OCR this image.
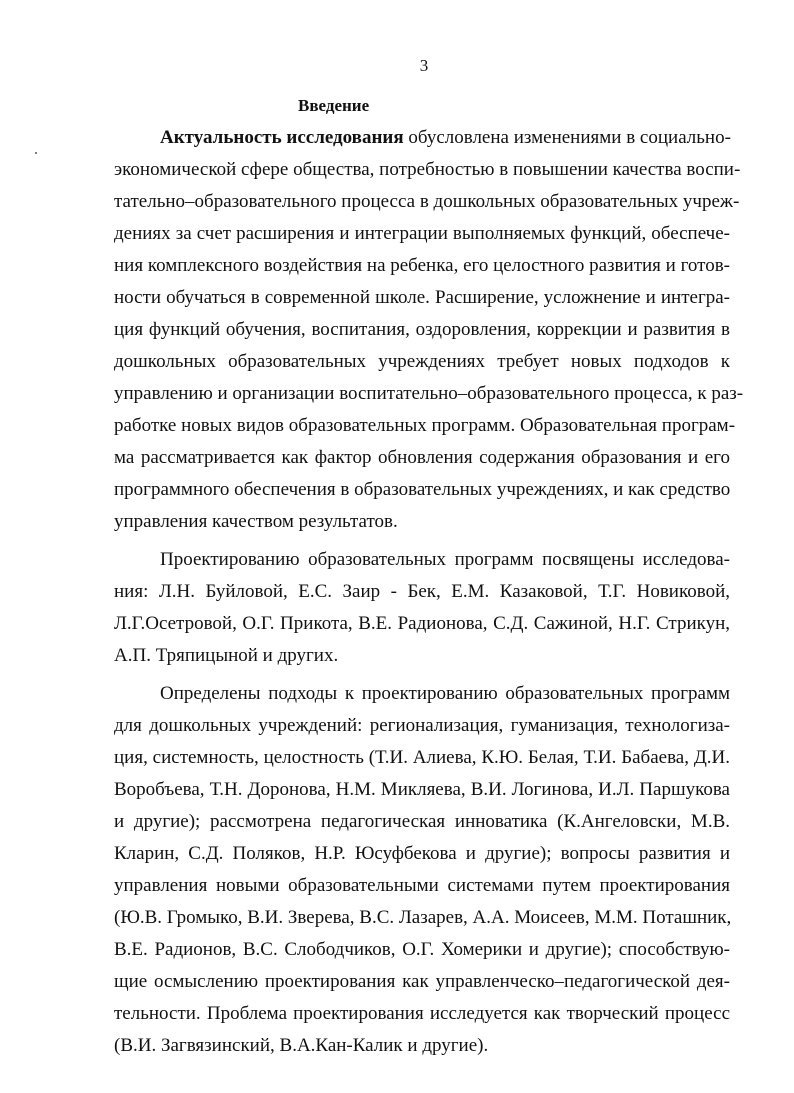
3
Введение
Актуальность исследования обусловлена изменениями в социально-
экономической сфере общества, потребностью в повышении качества воспи-
тательно–образовательного процесса в дошкольных образовательных учреж-
дениях за счет расширения и интеграции выполняемых функций, обеспече-
ния комплексного воздействия на ребенка, его целостного развития и готов-
ности обучаться в современной школе. Расширение, усложнение и интегра-
ция функций обучения, воспитания, оздоровления, коррекции и развития в
дошкольных образовательных учреждениях требует новых подходов к
управлению и организации воспитательно–образовательного процесса, к раз-
работке новых видов образовательных программ. Образовательная програм-
ма рассматривается как фактор обновления содержания образования и его
программного обеспечения в образовательных учреждениях, и как средство
управления качеством результатов.
Проектированию образовательных программ посвящены исследова-
ния: Л.Н. Буйловой, Е.С. Заир - Бек, Е.М. Казаковой, Т.Г. Новиковой,
Л.Г.Осетровой, О.Г. Прикота, В.Е. Радионова, С.Д. Сажиной, Н.Г. Стрикун,
А.П. Тряпицыной и других.
Определены подходы к проектированию образовательных программ
для дошкольных учреждений: регионализация, гуманизация, технологиза-
ция, системность, целостность (Т.И. Алиева, К.Ю. Белая, Т.И. Бабаева, Д.И.
Воробъева, Т.Н. Доронова, Н.М. Микляева, В.И. Логинова, И.Л. Паршукова
и другие); рассмотрена педагогическая инноватика (К.Ангеловски, М.В.
Кларин, С.Д. Поляков, Н.Р. Юсуфбекова и другие); вопросы развития и
управления новыми образовательными системами путем проектирования
(Ю.В. Громыко, В.И. Зверева, В.С. Лазарев, А.А. Моисеев, М.М. Поташник,
В.Е. Радионов, В.С. Слободчиков, О.Г. Хомерики и другие); способствую-
щие осмыслению проектирования как управленческо–педагогической дея-
тельности. Проблема проектирования исследуется как творческий процесс
(В.И. Загвязинский, В.А.Кан-Калик и другие).
